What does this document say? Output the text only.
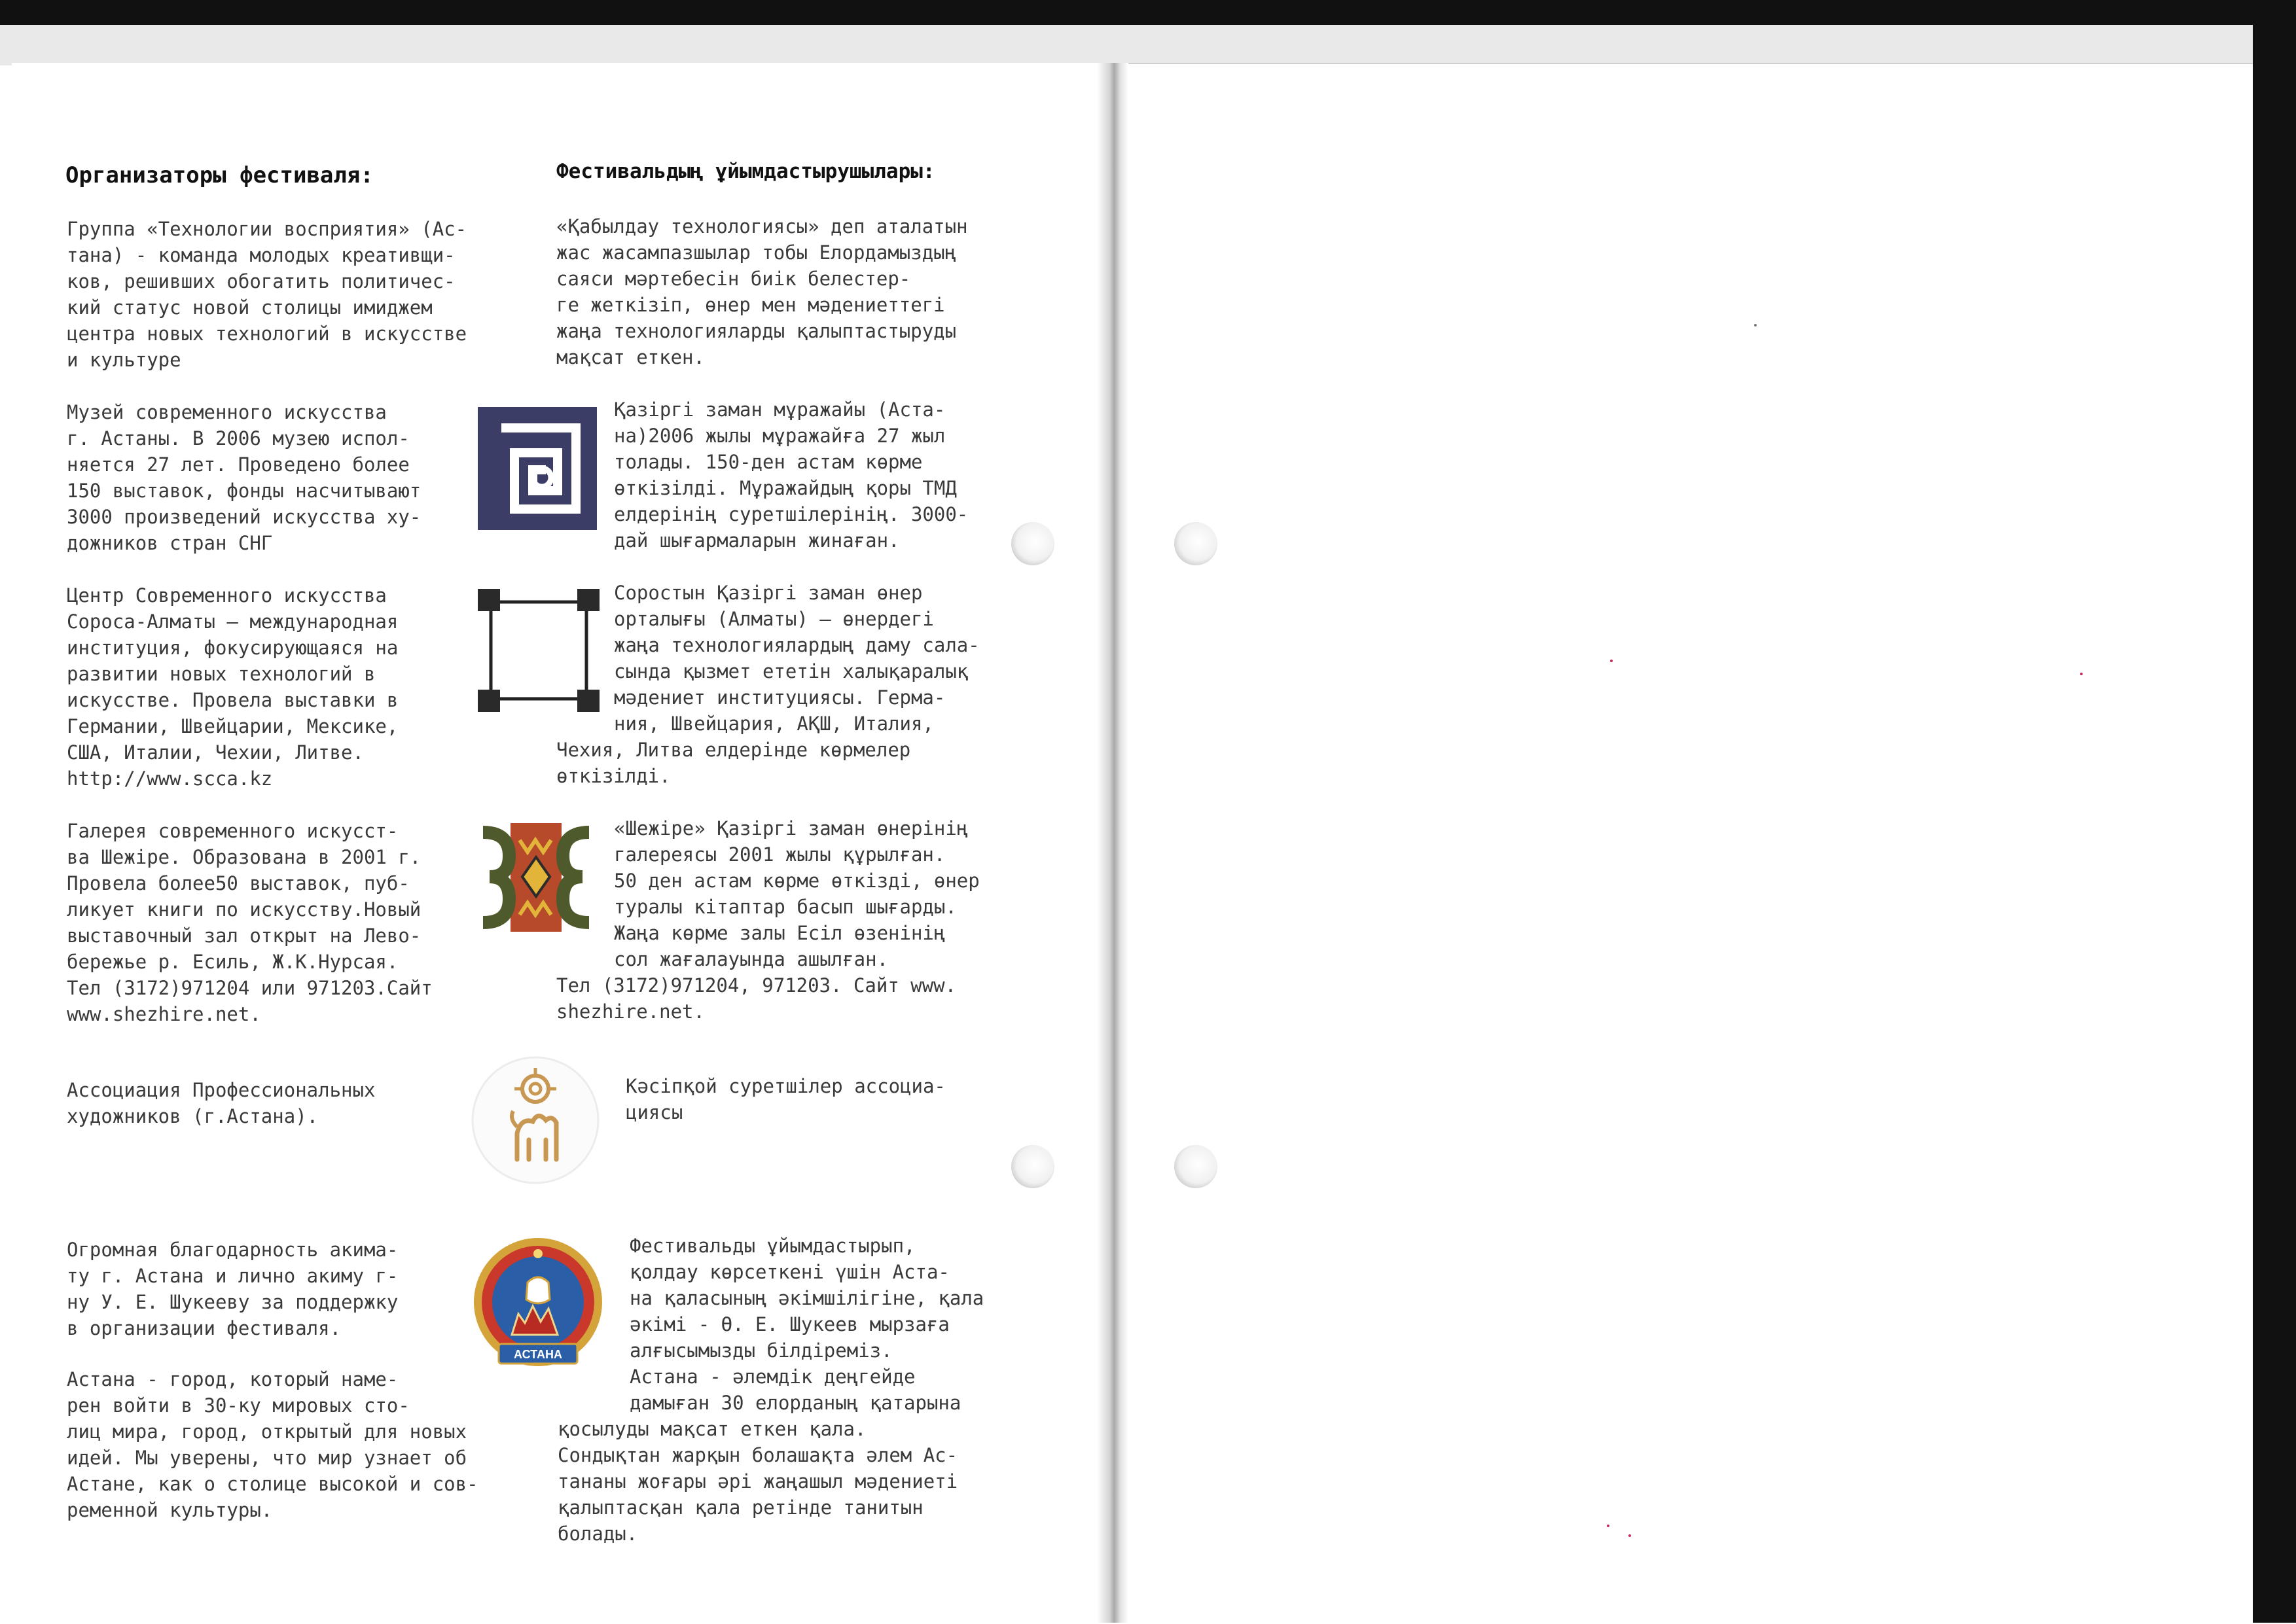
Организаторы фестиваля:	Фестивальдың ұйымдастырушылары:
Группа «Технологии восприятия» (Ас-
тана) - команда молодых креативщи-
ков, решивших обогатить политичес-
кий статус новой столицы имиджем
центра новых технологий в искусстве
и культуре
Музей современного искусства
г. Астаны. В 2006 музею испол-
няется 27 лет. Проведено более
150 выставок, фонды насчитывают
3000 произведений искусства ху-
дожников стран СНГ
Центр Современного искусства
Сороса-Алматы — международная
институция, фокусирующаяся на
развитии новых технологий в
искусстве. Провела выставки в
Германии, Швейцарии, Мексике,
США, Италии, Чехии, Литве.
http://www.scca.kz
Галерея современного искусст-
ва Шежіре. Образована в 2001 г.
Провела более50 выставок, пуб-
ликует книги по искусству.Новый
выставочный зал открыт на Лево-
бережье р. Есиль, Ж.К.Нурсая.
Тел (3172)971204 или 971203.Сайт
www.shezhire.net.
Ассоциация Профессиональных
художников (г.Астана).
Огромная благодарность акима-
ту г. Астана и лично акиму г-
ну У. Е. Шукееву за поддержку
в организации фестиваля.
Астана - город, который наме-
рен войти в 30-ку мировых сто-
лиц мира, город, открытый для новых
идей. Мы уверены, что мир узнает об
Астане, как о столице высокой и сов-
ременной культуры.
«Қабылдау технологиясы» деп аталатын
жас жасампазшылар тобы Елордамыздың
саяси мәртебесін биік белестер-
ге жеткізіп, өнер мен мәдениеттегі
жаңа технологияларды қалыптастыруды
мақсат еткен.
Қазіргі заман мұражайы (Аста-
на)2006 жылы мұражайға 27 жыл
толады. 150-ден астам көрме
өткізілді. Мұражайдың қоры ТМД
елдерінің суретшілерінің. 3000-
дай шығармаларын жинаған.
Соростын Қазіргі заман өнер
орталығы (Алматы) — өнердегі
жаңа технологиялардың даму сала-
сында қызмет ететін халықаралық
мәдениет институциясы. Герма-
ния, Швейцария, АҚШ, Италия,
Чехия, Литва елдерінде көрмелер
өткізілді.
«Шежіре» Қазіргі заман өнерінің
галереясы 2001 жылы құрылған.
50 ден астам көрме өткізді, өнер
туралы кітаптар басып шығарды.
Жаңа көрме залы Есіл өзенінің
сол жағалауында ашылған.
Тел (3172)971204, 971203. Сайт www.
shezhire.net.
Кәсіпқой суретшілер ассоциа-
циясы
Фестивальды ұйымдастырып,
қолдау көрсеткені үшін Аста-
на қаласының әкімшілігіне, қала
әкімі - Ө. Е. Шукеев мырзаға
алғысымызды білдіреміз.
Астана - әлемдік деңгейде
дамыған 30 елорданың қатарына
қосылуды мақсат еткен қала.
Сондықтан жарқын болашақта әлем Ас-
тананы жоғары әрі жаңашыл мәдениеті
қалыптасқан қала ретінде танитын
болады.
АСТАНА
